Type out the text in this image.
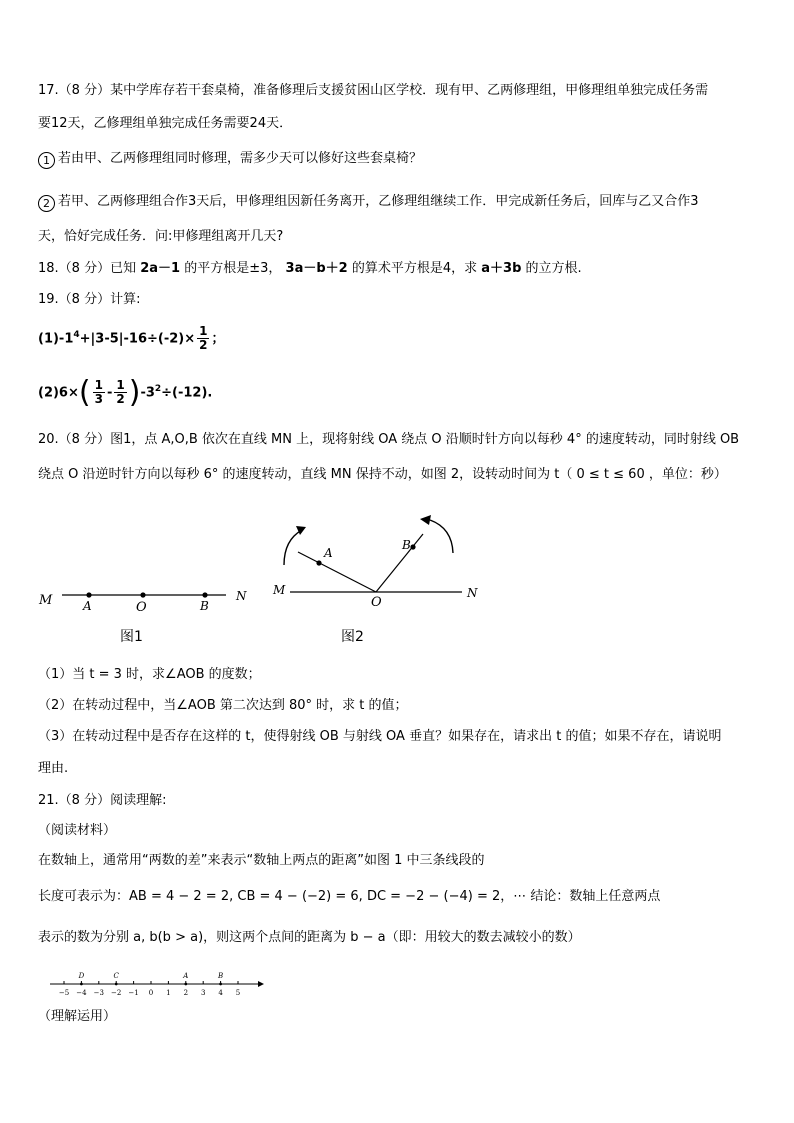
17.（8 分）某中学库存若干套桌椅，准备修理后支援贫困山区学校．现有甲、乙两修理组，甲修理组单独完成任务需
要12天，乙修理组单独完成任务需要24天．
1 若由甲、乙两修理组同时修理，需多少天可以修好这些套桌椅？
2 若甲、乙两修理组合作3天后，甲修理组因新任务离开，乙修理组继续工作．甲完成新任务后，回库与乙又合作3
天，恰好完成任务．问:甲修理组离开几天?
18.（8 分）已知 2a－1 的平方根是±3， 3a－b＋2 的算术平方根是4，求 a＋3b 的立方根.
19.（8 分）计算:
$(1)-1^4+|3-5|-16\div(-2)\times \frac{1}{2}$ ；
$(2)6\times( \frac{1}{3} - \frac{1}{2} )-3^2\div(-12)$.
20.（8 分）图1，点 A,O,B 依次在直线 MN 上，现将射线 OA 绕点 O 沿顺时针方向以每秒 4° 的速度转动，同时射线 OB
绕点 O 沿逆时针方向以每秒 6° 的速度转动，直线 MN 保持不动，如图 2，设转动时间为 t（ 0 ≤ t ≤ 60 ，单位：秒）
M	A	O	B
N
图1
M
A
B
O
N
图2
（1）当 t = 3 时，求∠AOB 的度数；
（2）在转动过程中，当∠AOB 第二次达到 80° 时，求 t 的值；
（3）在转动过程中是否存在这样的 t，使得射线 OB 与射线 OA 垂直？如果存在，请求出 t 的值；如果不存在，请说明
理由.
21.（8 分）阅读理解:
（阅读材料）
在数轴上，通常用“两数的差”来表示“数轴上两点的距离”如图 1 中三条线段的
长度可表示为：AB = 4 − 2 = 2, CB = 4 − (−2) = 6, DC = −2 − (−4) = 2，⋯ 结论：数轴上任意两点
表示的数为分别 a, b(b > a)，则这两个点间的距离为 b − a（即：用较大的数去减较小的数）
−5 −4 −3 −2 −1 0 1 2 3 4 5
D	C	A	B
（理解运用）
